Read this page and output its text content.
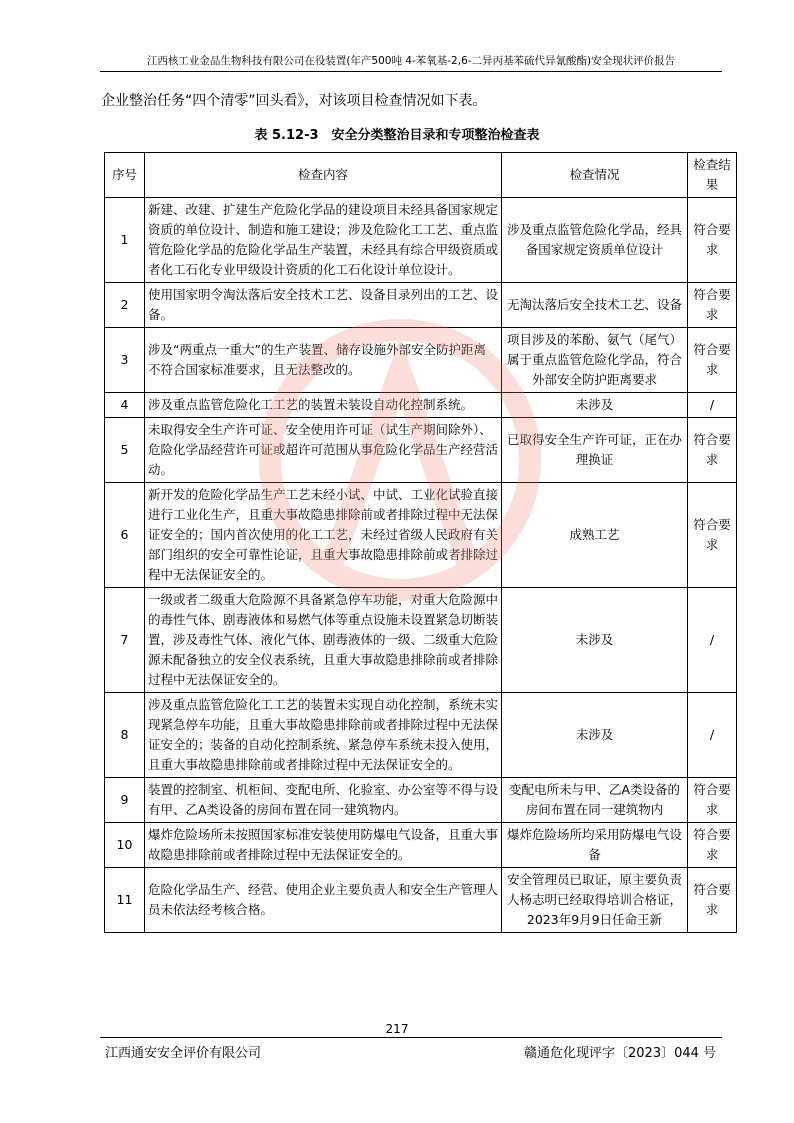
江西核工业金品生物科技有限公司在役装置(年产500吨 4-苯氧基-2,6-二异丙基苯硫代异氰酸酯)安全现状评价报告
企业整治任务“四个清零”回头看》，对该项目检查情况如下表。
表 5.12-3　安全分类整治目录和专项整治检查表
序号	检查内容	检查情况	检查结果
1	新建、改建、扩建生产危险化学品的建设项目未经具备国家规定资质的单位设计、制造和施工建设；涉及危险化工工艺、重点监管危险化学品的危险化学品生产装置，未经具有综合甲级资质或者化工石化专业甲级设计资质的化工石化设计单位设计。	涉及重点监管危险化学品，经具备国家规定资质单位设计	符合要求
2	使用国家明令淘汰落后安全技术工艺、设备目录列出的工艺、设备。	无淘汰落后安全技术工艺、设备	符合要求
3	涉及“两重点一重大”的生产装置、储存设施外部安全防护距离不符合国家标准要求，且无法整改的。	项目涉及的苯酚、氨气（尾气）属于重点监管危险化学品，符合外部安全防护距离要求	符合要求
4	涉及重点监管危险化工工艺的装置未装设自动化控制系统。	未涉及	/
5	未取得安全生产许可证、安全使用许可证（试生产期间除外）、危险化学品经营许可证或超许可范围从事危险化学品生产经营活动。	已取得安全生产许可证，正在办理换证	符合要求
6	新开发的危险化学品生产工艺未经小试、中试、工业化试验直接进行工业化生产，且重大事故隐患排除前或者排除过程中无法保证安全的；国内首次使用的化工工艺，未经过省级人民政府有关部门组织的安全可靠性论证，且重大事故隐患排除前或者排除过程中无法保证安全的。	成熟工艺	符合要求
7	一级或者二级重大危险源不具备紧急停车功能，对重大危险源中的毒性气体、剧毒液体和易燃气体等重点设施未设置紧急切断装置，涉及毒性气体、液化气体、剧毒液体的一级、二级重大危险源未配备独立的安全仪表系统，且重大事故隐患排除前或者排除过程中无法保证安全的。	未涉及	/
8	涉及重点监管危险化工工艺的装置未实现自动化控制，系统未实现紧急停车功能，且重大事故隐患排除前或者排除过程中无法保证安全的；装备的自动化控制系统、紧急停车系统未投入使用，且重大事故隐患排除前或者排除过程中无法保证安全的。	未涉及	/
9	装置的控制室、机柜间、变配电所、化验室、办公室等不得与设有甲、乙A类设备的房间布置在同一建筑物内。	变配电所未与甲、乙A类设备的房间布置在同一建筑物内	符合要求
10	爆炸危险场所未按照国家标准安装使用防爆电气设备，且重大事故隐患排除前或者排除过程中无法保证安全的。	爆炸危险场所均采用防爆电气设备	符合要求
11	危险化学品生产、经营、使用企业主要负责人和安全生产管理人员未依法经考核合格。	安全管理员已取证，原主要负责人杨志明已经取得培训合格证，2023年9月9日任命王新	符合要求
217
江西通安安全评价有限公司	赣通危化现评字〔2023〕044 号
